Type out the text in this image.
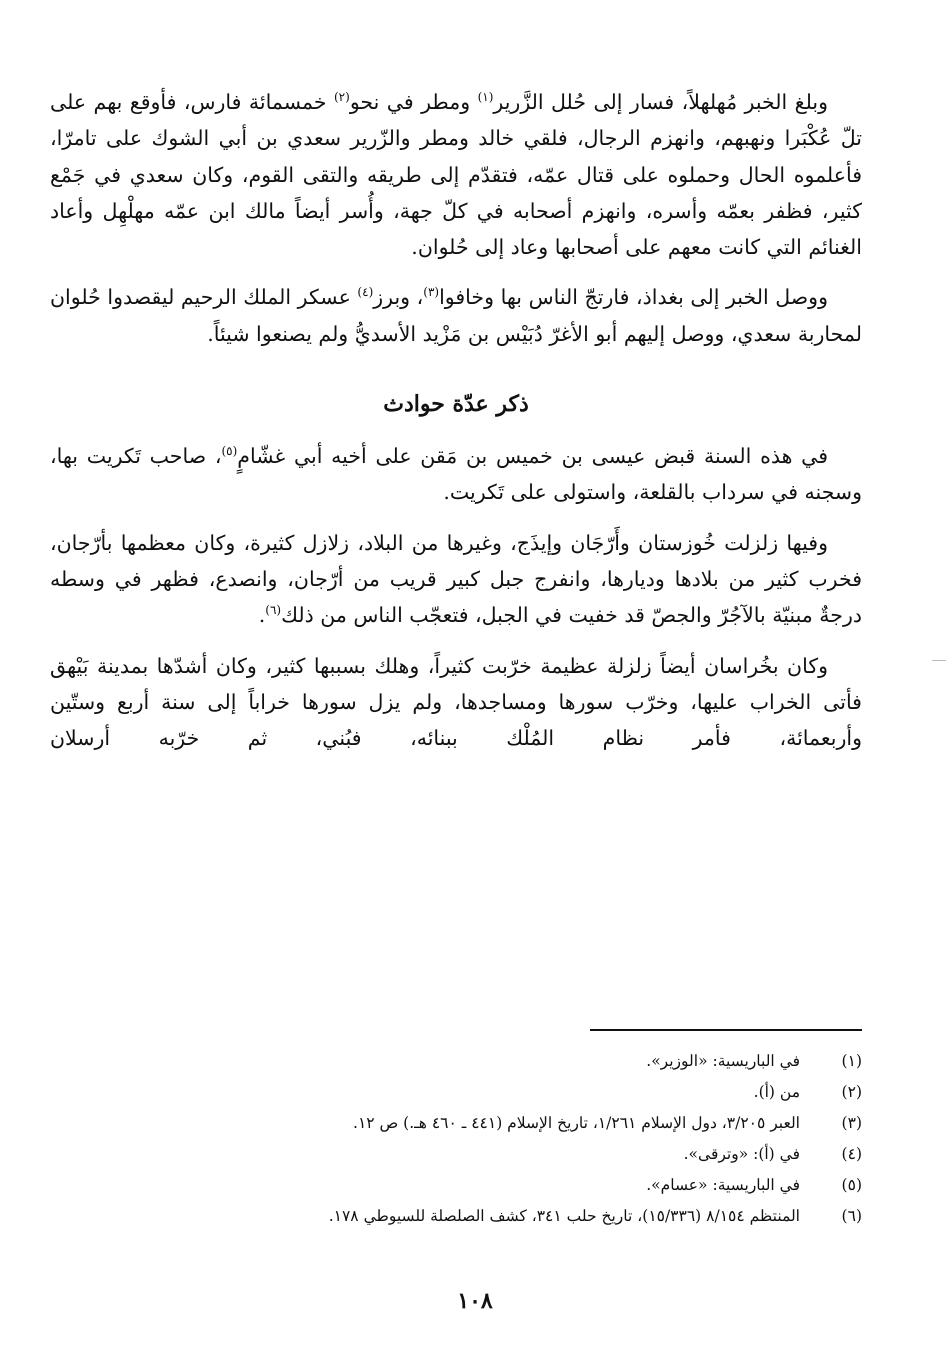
وبلغ الخبر مُهلهلاً، فسار إلى حُلل الزَّرير$^{(١)}$ ومطر في نحو$^{(٢)}$ خمسمائة فارس، فأوقع بهم على تلّ عُكْبَرا ونهبهم، وانهزم الرجال، فلقي خالد ومطر والزّرير سعدي بن أبي الشوك على تامرّا، فأعلموه الحال وحملوه على قتال عمّه، فتقدّم إلى طريقه والتقى القوم، وكان سعدي في جَمْع كثير، فظفر بعمّه وأسره، وانهزم أصحابه في كلّ جهة، وأُسر أيضاً مالك ابن عمّه مهلْهِل وأعاد الغنائم التي كانت معهم على أصحابها وعاد إلى حُلوان.

ووصل الخبر إلى بغداذ، فارتجّ الناس بها وخافوا$^{(٣)}$، وبرز$^{(٤)}$ عسكر الملك الرحيم ليقصدوا حُلوان لمحاربة سعدي، ووصل إليهم أبو الأغرّ دُبَيْس بن مَزْيد الأسديُّ ولم يصنعوا شيئاً.

ذكر عدّة حوادث

في هذه السنة قبض عيسى بن خميس بن مَقن على أخيه أبي غشّامٍ$^{(٥)}$، صاحب تَكريت بها، وسجنه في سرداب بالقلعة، واستولى على تَكريت.

وفيها زلزلت خُوزستان وأَرّجَان وإيذَج، وغيرها من البلاد، زلازل كثيرة، وكان معظمها بأرّجان، فخرب كثير من بلادها وديارها، وانفرج جبل كبير قريب من أرّجان، وانصدع، فظهر في وسطه درجةٌ مبنيّة بالآجُرّ والجصّ قد خفيت في الجبل، فتعجّب الناس من ذلك$^{(٦)}$.

وكان بخُراسان أيضاً زلزلة عظيمة خرّبت كثيراً، وهلك بسببها كثير، وكان أشدّها بمدينة بَيْهق فأتى الخراب عليها، وخرّب سورها ومساجدها، ولم يزل سورها خراباً إلى سنة أربع وستّين وأربعمائة، فأمر نظام المُلْك ببنائه، فبُني، ثم خرّبه أرسلان

(١)
في الباريسية: «الوزير».
(٢)
من (أ).
(٣)
العبر ٣/٢٠٥، دول الإسلام ١/٢٦١، تاريخ الإسلام (٤٤١ ـ ٤٦٠ هـ.) ص ١٢.
(٤)
في (أ): «وترقى».
(٥)
في الباريسية: «عسام».
(٦)
المنتظم ٨/١٥٤ (١٥/٣٣٦)، تاريخ حلب ٣٤١، كشف الصلصلة للسيوطي ١٧٨.
١٠٨
